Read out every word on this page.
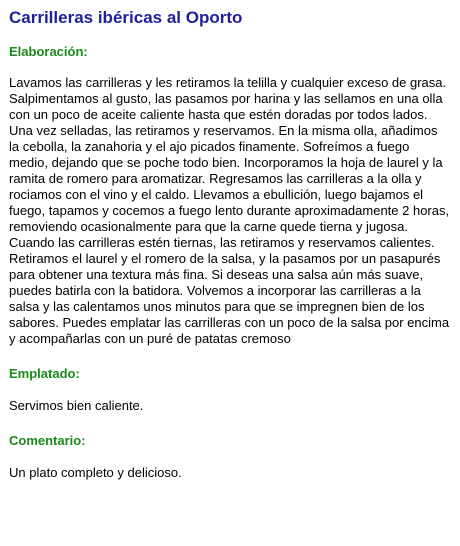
Carrilleras ibéricas al Oporto
Elaboración:

Lavamos las carrilleras y les retiramos la telilla y cualquier exceso de grasa. Salpimentamos al gusto, las pasamos por harina y las sellamos en una olla con un poco de aceite caliente hasta que estén doradas por todos lados. Una vez selladas, las retiramos y reservamos. En la misma olla, añadimos la cebolla, la zanahoria y el ajo picados finamente. Sofreímos a fuego medio, dejando que se poche todo bien. Incorporamos la hoja de laurel y la ramita de romero para aromatizar. Regresamos las carrilleras a la olla y rociamos con el vino y el caldo. Llevamos a ebullición, luego bajamos el fuego, tapamos y cocemos a fuego lento durante aproximadamente 2 horas, removiendo ocasionalmente para que la carne quede tierna y jugosa. Cuando las carrilleras estén tiernas, las retiramos y reservamos calientes. Retiramos el laurel y el romero de la salsa, y la pasamos por un pasapurés para obtener una textura más fina. Si deseas una salsa aún más suave, puedes batirla con la batidora. Volvemos a incorporar las carrilleras a la salsa y las calentamos unos minutos para que se impregnen bien de los sabores. Puedes emplatar las carrilleras con un poco de la salsa por encima y acompañarlas con un puré de patatas cremoso

Emplatado:

Servimos bien caliente.

Comentario:

Un plato completo y delicioso.
